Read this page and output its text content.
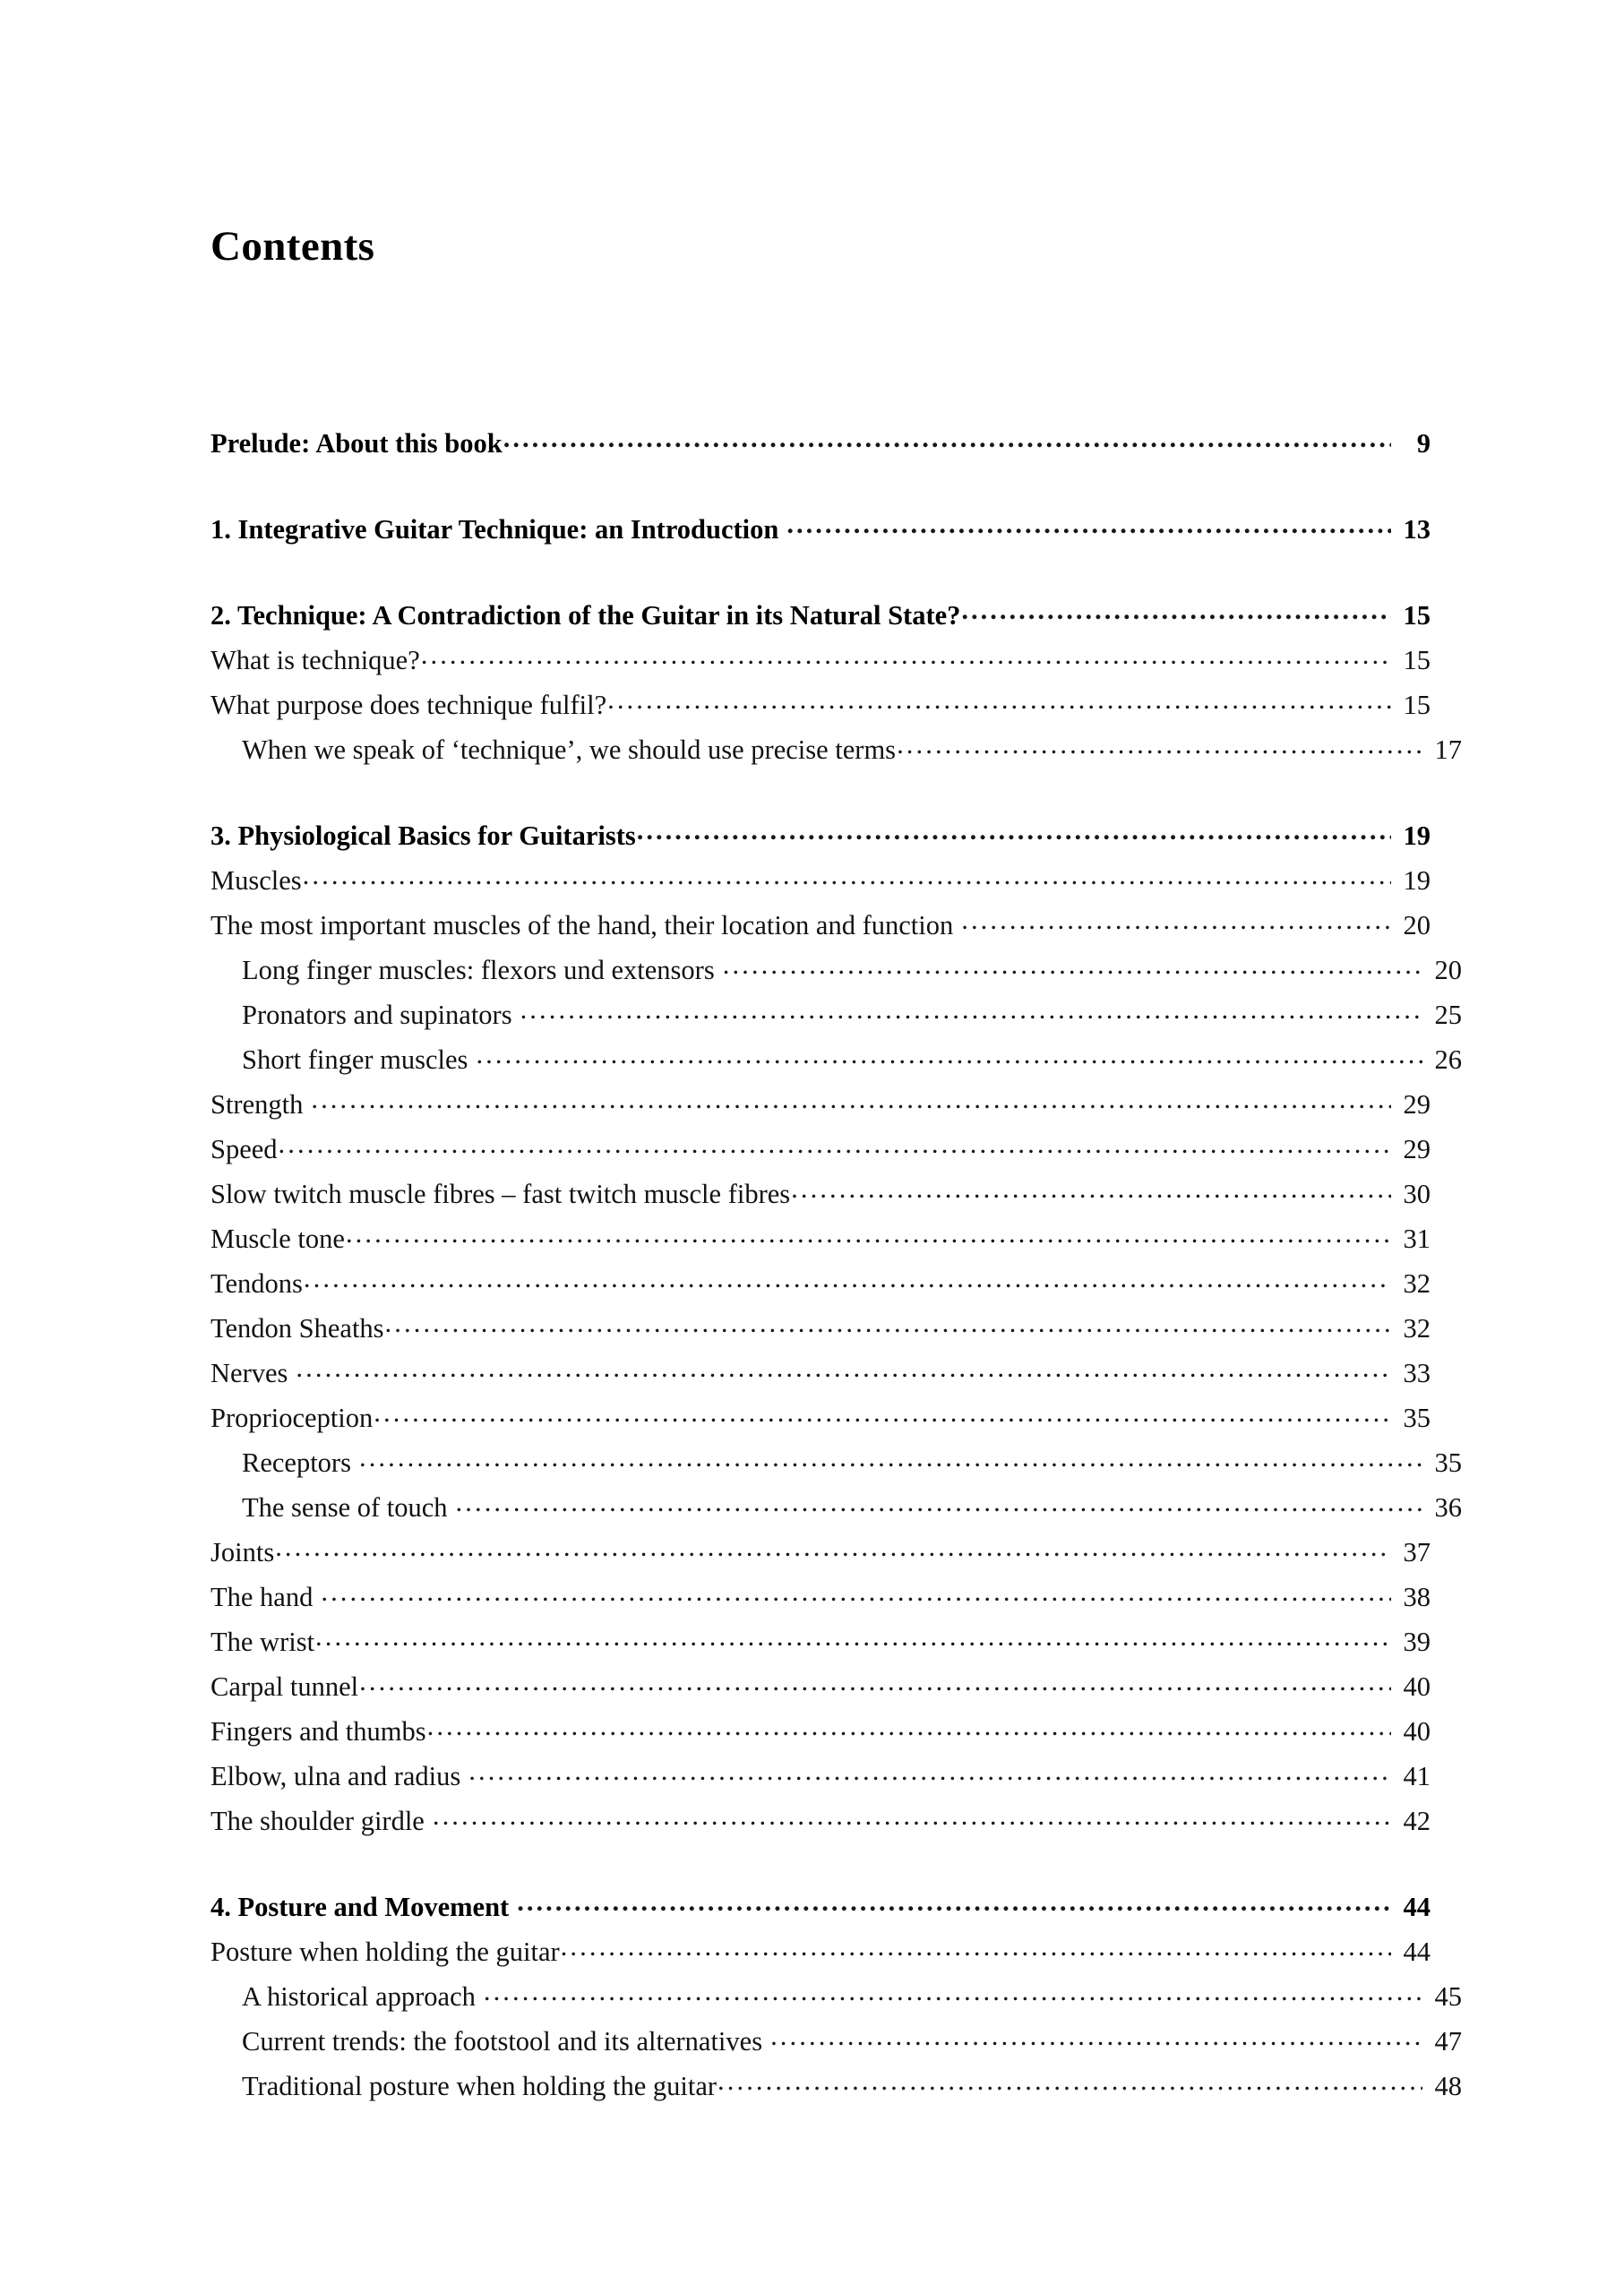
Contents
Prelude: About this book .....	9
1. Integrative Guitar Technique: an Introduction .....	13
2. Technique: A Contradiction of the Guitar in its Natural State? .....	15
What is technique? .....	15
What purpose does technique fulfil? .....	15
When we speak of ‘technique’, we should use precise terms .....	17
3. Physiological Basics for Guitarists .....	19
Muscles .....	19
The most important muscles of the hand, their location and function .....	20
Long finger muscles: flexors und extensors .....	20
Pronators and supinators .....	25
Short finger muscles .....	26
Strength .....	29
Speed .....	29
Slow twitch muscle fibres – fast twitch muscle fibres .....	30
Muscle tone .....	31
Tendons .....	32
Tendon Sheaths .....	32
Nerves .....	33
Proprioception .....	35
Receptors .....	35
The sense of touch .....	36
Joints .....	37
The hand .....	38
The wrist .....	39
Carpal tunnel .....	40
Fingers and thumbs .....	40
Elbow, ulna and radius .....	41
The shoulder girdle .....	42
4. Posture and Movement .....	44
Posture when holding the guitar .....	44
A historical approach .....	45
Current trends: the footstool and its alternatives .....	47
Traditional posture when holding the guitar .....	48
